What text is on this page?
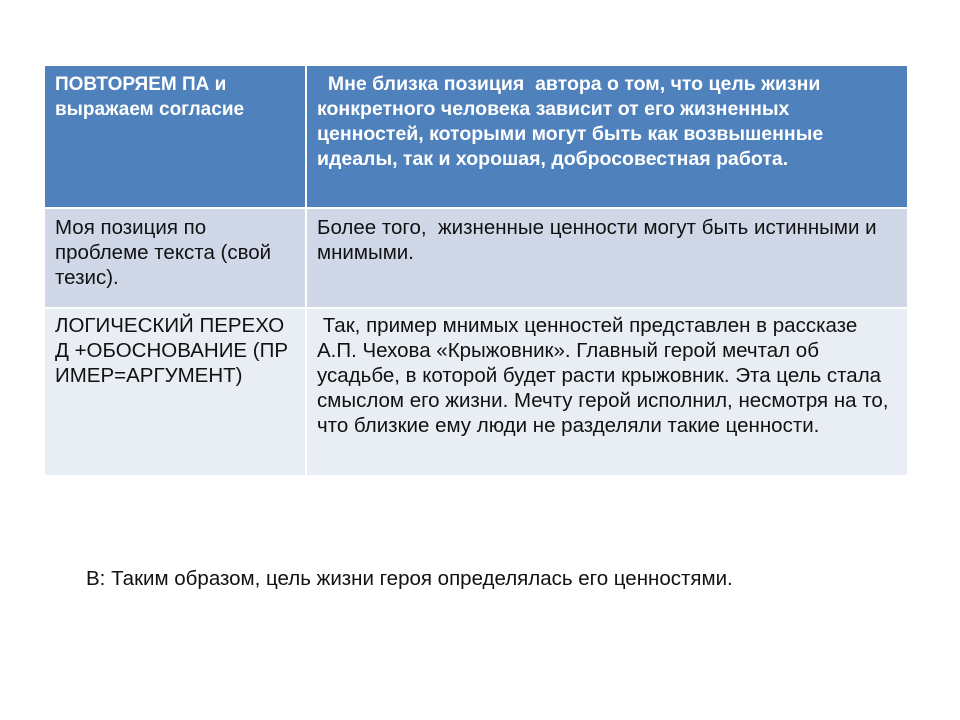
ПОВТОРЯЕМ ПА и выражаем согласие	Мне близка позиция  автора о том, что цель жизни конкретного человека зависит от его жизненных ценностей, которыми могут быть как возвышенные идеалы, так и хорошая, добросовестная работа.
Моя позиция по проблеме текста (свой тезис).	Более того,  жизненные ценности могут быть истинными и мнимыми.
ЛОГИЧЕСКИЙ ПЕРЕХОД +ОБОСНОВАНИЕ (ПРИМЕР=АРГУМЕНТ)	Так, пример мнимых ценностей представлен в рассказе А.П. Чехова «Крыжовник». Главный герой мечтал об усадьбе, в которой будет расти крыжовник. Эта цель стала смыслом его жизни. Мечту герой исполнил, несмотря на то, что близкие ему люди не разделяли такие ценности.
В: Таким образом, цель жизни героя определялась его ценностями.
